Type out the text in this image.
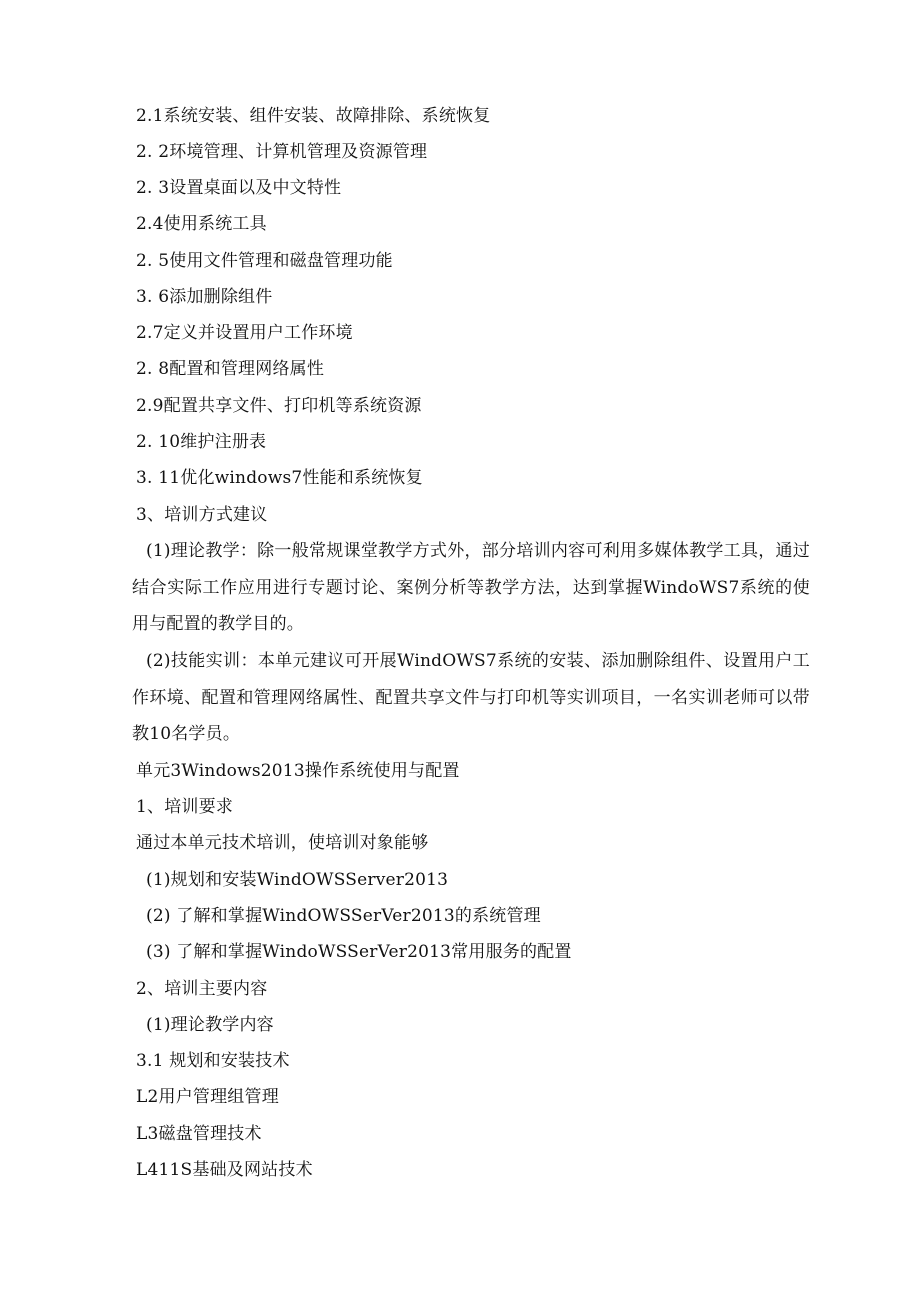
2.1系统安装、组件安装、故障排除、系统恢复
2. 2环境管理、计算机管理及资源管理
2. 3设置桌面以及中文特性
2.4使用系统工具
2. 5使用文件管理和磁盘管理功能
3. 6添加删除组件
2.7定义并设置用户工作环境
2. 8配置和管理网络属性
2.9配置共享文件、打印机等系统资源
2. 10维护注册表
3. 11优化windows7性能和系统恢复
3、培训方式建议
(1)理论教学：除一般常规课堂教学方式外，部分培训内容可利用多媒体教学工具，通过结合实际工作应用进行专题讨论、案例分析等教学方法，达到掌握WindoWS7系统的使用与配置的教学目的。
(2)技能实训：本单元建议可开展WindOWS7系统的安装、添加删除组件、设置用户工作环境、配置和管理网络属性、配置共享文件与打印机等实训项目，一名实训老师可以带教10名学员。
单元3Windows2013操作系统使用与配置
1、培训要求
通过本单元技术培训，使培训对象能够
(1)规划和安装WindOWSServer2013
(2) 了解和掌握WindOWSSerVer2013的系统管理
(3) 了解和掌握WindoWSSerVer2013常用服务的配置
2、培训主要内容
(1)理论教学内容
3.1 规划和安装技术
L2用户管理组管理
L3磁盘管理技术
L411S基础及网站技术
